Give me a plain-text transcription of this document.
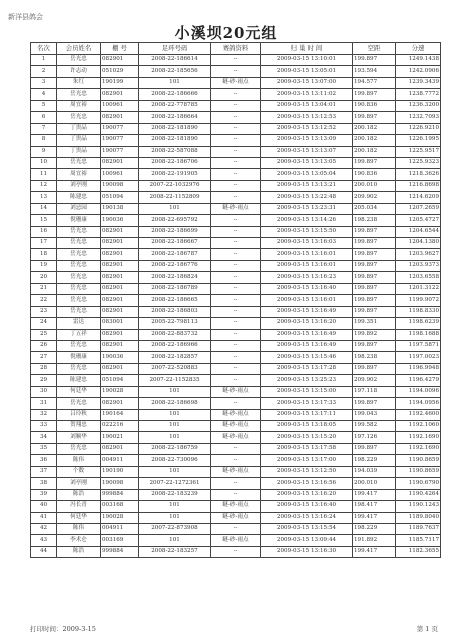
新洋县鸽会
小溪坝20元组
名次	会员姓名	棚 号	足环号码	赛鸽资料	归 巢 时 间	空距	分速
1	岳光忠	082901	2008-22-186614	--	2009-03-15 13:10:01	199.897	1249.1438
2	许志动	051029	2008-22-185656	--	2009-03-15 13:05:01	193.594	1242.0906
3	朱红	190199	101	瞇-砂-雨点	2009-03-15 13:07:00	194.577	1239.3439
4	岳光忠	082901	2008-22-186666	--	2009-03-15 13:11:02	199.897	1238.7772
5	周宜裕	100961	2008-22-778785	--	2009-03-15 13:04:01	190.836	1236.3200
6	岳光忠	082901	2008-22-186664	--	2009-03-15 13:12:53	199.897	1232.7093
7	丁贵品	190077	2008-22-181890	--	2009-03-15 13:12:52	200.182	1226.9210
8	丁贵品	190077	2008-22-181890	--	2009-03-15 13:13:09	200.182	1226.1995
9	丁贵品	190077	2008-22-587088	--	2009-03-15 13:13:07	200.182	1225.9517
10	岳光忠	082901	2008-22-186706	--	2009-03-15 13:13:05	199.897	1225.9323
11	周宜裕	100961	2008-22-191905	--	2009-03-15 13:05:04	190.836	1218.3626
12	刘亭刚	190098	2007-22-1032976	--	2009-03-15 13:13:21	200.010	1216.8698
13	陈建忠	051094	2008-22-1152809	--	2009-03-15 13:22:48	209.902	1214.6209
14	刘忌园	190138	101	瞇-砂-雨点	2009-03-15 13:23:31	205.034	1207.2659
15	倪珊康	190036	2008-22-695792	--	2009-03-15 13:14:26	198.238	1205.4727
16	岳光忠	082901	2008-22-186699	--	2009-03-15 13:15:50	199.897	1204.6544
17	岳光忠	082901	2008-22-186667	--	2009-03-15 13:16:03	199.897	1204.1380
18	岳光忠	082901	2008-22-186787	--	2009-03-15 13:16:01	199.897	1203.9627
19	岳光忠	082901	2008-22-186776	--	2009-03-15 13:16:01	199.897	1203.9373
20	岳光忠	082901	2008-22-186824	--	2009-03-15 13:16:23	199.897	1203.6558
21	岳光忠	082901	2008-22-186789	--	2009-03-15 13:16:40	199.897	1201.3122
22	岳光忠	082901	2008-22-186665	--	2009-03-15 13:16:01	199.897	1199.9072
23	岳光忠	082901	2008-22-186803	--	2009-03-15 13:16:49	199.897	1198.8330
24	雷达	083001	2005-22-798113	--	2009-03-15 13:16:20	199.351	1198.6239
25	丁五祥	082901	2008-22-883732	--	2009-03-15 13:16:49	199.892	1198.1688
26	岳光忠	082901	2008-22-186966	--	2009-03-15 13:16:49	199.897	1197.5871
27	倪珊康	190036	2008-22-182857	--	2009-03-15 13:15:46	198.238	1197.0023
28	岳光忠	082901	2007-22-520883	--	2009-03-15 13:17:28	199.897	1196.9948
29	陈建忠	051094	2007-22-1152835	--	2009-03-15 13:25:23	209.902	1196.4279
30	何廷华	190028	101	瞇-砂-雨点	2009-03-15 13:15:00	197.118	1194.0096
31	岳光忠	082901	2008-22-186698	--	2009-03-15 13:17:33	199.897	1194.0956
32	吕玲秋	190164	101	瞇-砂-雨点	2009-03-15 13:17:11	199.043	1192.4600
33	贺翔忠	022216	101	瞇-砂-雨点	2009-03-15 13:18:05	199.582	1192.1060
34	刘顺华	190021	101	瞇-砂-雨点	2009-03-15 13:15:20	197.126	1192.1690
35	岳光忠	082901	2008-22-186759	--	2009-03-15 13:17:58	199.897	1192.1690
36	陈伟	004911	2008-22-730096	--	2009-03-15 13:17:00	198.229	1190.8659
37	个数	190190	101	瞇-砂-雨点	2009-03-15 13:12:50	194.039	1190.8659
38	刘亭刚	190098	2007-22-1272361	--	2009-03-15 13:16:56	200.010	1190.6790
39	陈浩	999884	2008-22-183239	--	2009-03-15 13:16:20	199.417	1190.4264
40	冯长青	003168	101	瞇-砂-雨点	2009-03-15 13:16:40	198.417	1190.1243
41	何廷华	190028	101	瞇-砂-雨点	2009-03-15 13:16:24	199.417	1189.8040
42	陈伟	004911	2007-22-873908	--	2009-03-15 13:15:54	198.229	1189.7637
43	李术仑	003169	101	瞇-砂-雨点	2009-03-15 13:09:44	191.892	1185.7117
44	陈浩	999884	2008-22-183257	--	2009-03-15 13:16:30	199.417	1182.3655
打印时间：2009-3-15	第 1 页
